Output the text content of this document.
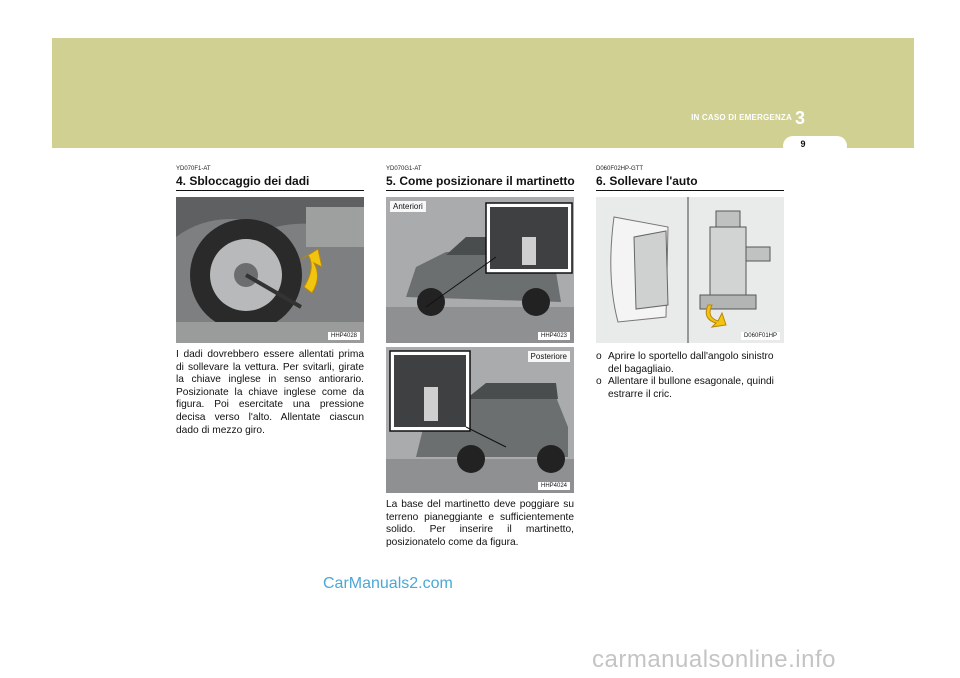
IN CASO DI EMERGENZA 3
9
YD070F1-AT
4. Sbloccaggio dei dadi
HHP4028
I dadi dovrebbero essere allentati prima di sollevare la vettura. Per svitarli, girate la chiave inglese in senso antiorario. Posizionate la chiave inglese come da figura. Poi esercitate una pressione decisa verso l'alto. Allentate ciascun dado di mezzo giro.
YD070G1-AT
5. Come posizionare il martinetto
Anteriori
HHP4023
Posteriore
HHP4024
La base del martinetto deve poggiare su terreno pianeggiante e sufficientemente solido. Per inserire il martinetto, posizionatelo come da figura.
D060F02HP-GTT
6. Sollevare l'auto
D060F01HP
o Aprire lo sportello dall'angolo sinistro del bagagliaio.
o Allentare il bullone esagonale, quindi estrarre il cric.
CarManuals2.com
carmanualsonline.info
